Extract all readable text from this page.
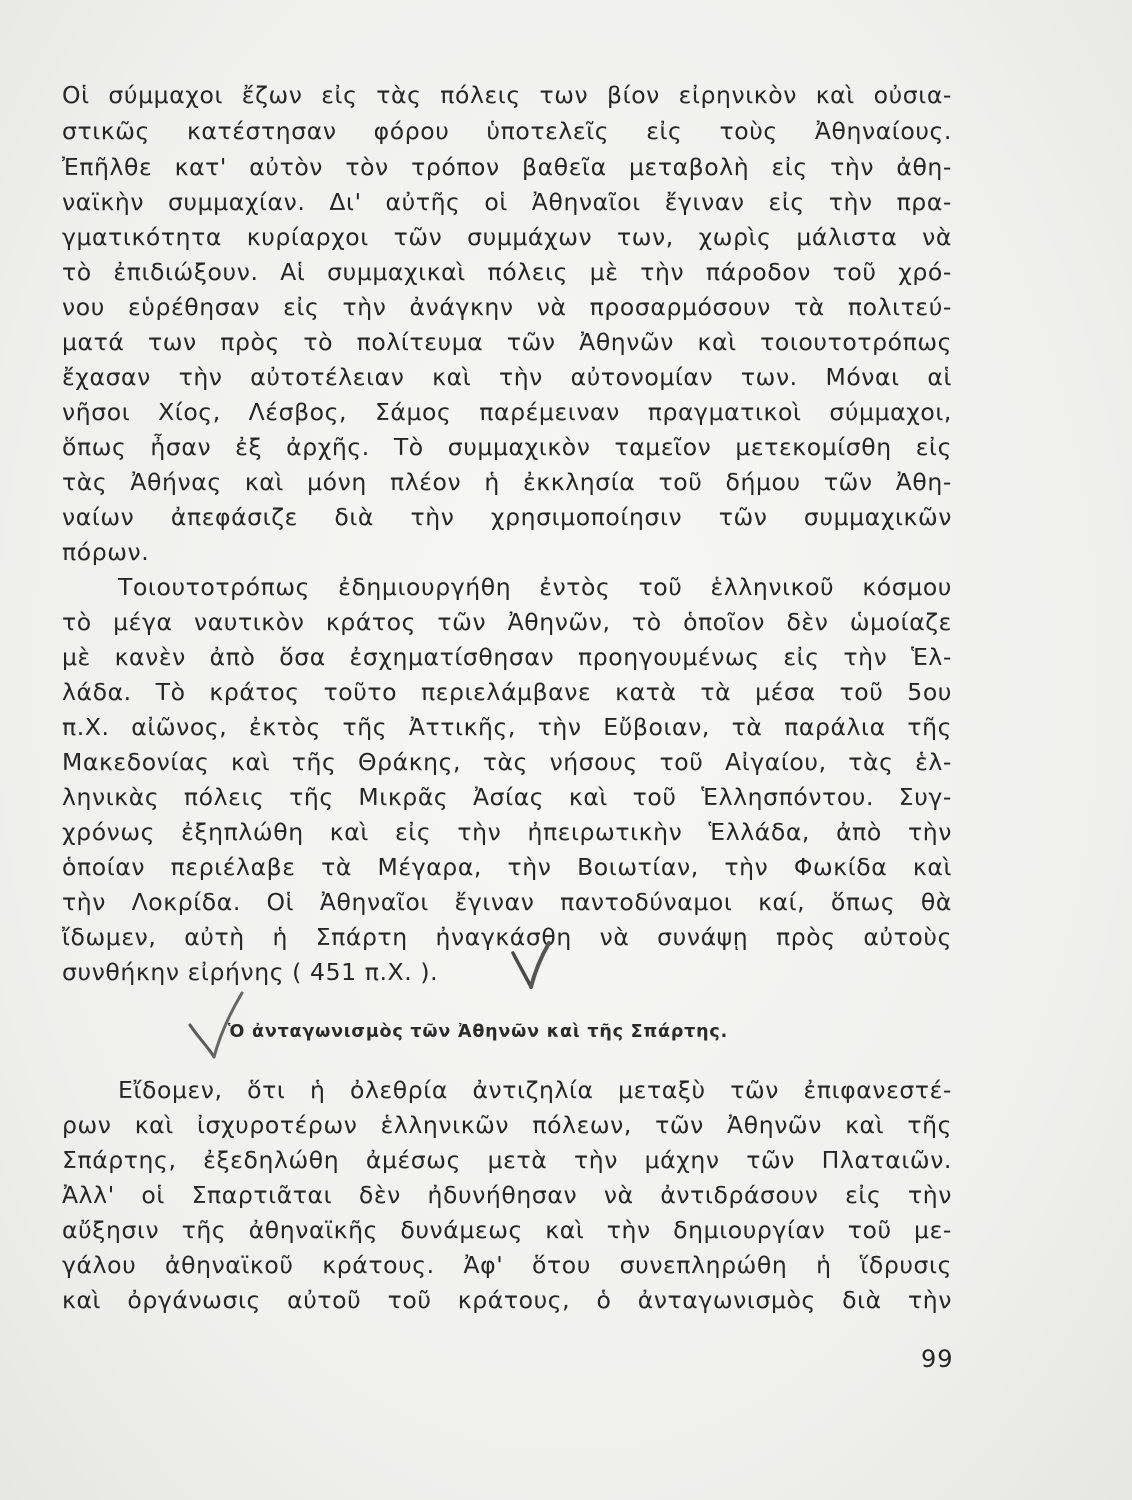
Οἱ σύμμαχοι ἔζων εἰς τὰς πόλεις των βίον εἰρηνικὸν καὶ οὐσια-
στικῶς κατέστησαν φόρου ὑποτελεῖς εἰς τοὺς Ἀθηναίους.
Ἐπῆλθε κατ' αὐτὸν τὸν τρόπον βαθεῖα μεταβολὴ εἰς τὴν ἀθη-
ναϊκὴν συμμαχίαν. Δι' αὐτῆς οἱ Ἀθηναῖοι ἔγιναν εἰς τὴν πρα-
γματικότητα κυρίαρχοι τῶν συμμάχων των, χωρὶς μάλιστα νὰ
τὸ ἐπιδιώξουν. Αἱ συμμαχικαὶ πόλεις μὲ τὴν πάροδον τοῦ χρό-
νου εὑρέθησαν εἰς τὴν ἀνάγκην νὰ προσαρμόσουν τὰ πολιτεύ-
ματά των πρὸς τὸ πολίτευμα τῶν Ἀθηνῶν καὶ τοιουτοτρόπως
ἔχασαν τὴν αὐτοτέλειαν καὶ τὴν αὐτονομίαν των. Μόναι αἱ
νῆσοι Χίος, Λέσβος, Σάμος παρέμειναν πραγματικοὶ σύμμαχοι,
ὅπως ἦσαν ἐξ ἀρχῆς. Τὸ συμμαχικὸν ταμεῖον μετεκομίσθη εἰς
τὰς Ἀθήνας καὶ μόνη πλέον ἡ ἐκκλησία τοῦ δήμου τῶν Ἀθη-
ναίων ἀπεφάσιζε διὰ τὴν χρησιμοποίησιν τῶν συμμαχικῶν
πόρων.
Τοιουτοτρόπως ἐδημιουργήθη ἐντὸς τοῦ ἑλληνικοῦ κόσμου
τὸ μέγα ναυτικὸν κράτος τῶν Ἀθηνῶν, τὸ ὁποῖον δὲν ὡμοίαζε
μὲ κανὲν ἀπὸ ὅσα ἐσχηματίσθησαν προηγουμένως εἰς τὴν Ἑλ-
λάδα. Τὸ κράτος τοῦτο περιελάμβανε κατὰ τὰ μέσα τοῦ 5ου
π.Χ. αἰῶνος, ἐκτὸς τῆς Ἀττικῆς, τὴν Εὔβοιαν, τὰ παράλια τῆς
Μακεδονίας καὶ τῆς Θράκης, τὰς νήσους τοῦ Αἰγαίου, τὰς ἑλ-
ληνικὰς πόλεις τῆς Μικρᾶς Ἀσίας καὶ τοῦ Ἑλλησπόντου. Συγ-
χρόνως ἐξηπλώθη καὶ εἰς τὴν ἠπειρωτικὴν Ἑλλάδα, ἀπὸ τὴν
ὁποίαν περιέλαβε τὰ Μέγαρα, τὴν Βοιωτίαν, τὴν Φωκίδα καὶ
τὴν Λοκρίδα. Οἱ Ἀθηναῖοι ἔγιναν παντοδύναμοι καί, ὅπως θὰ
ἴδωμεν, αὐτὴ ἡ Σπάρτη ἠναγκάσθη νὰ συνάψῃ πρὸς αὐτοὺς
συνθήκην εἰρήνης ( 451 π.Χ. ).
Ὁ ἀνταγωνισμὸς τῶν Ἀθηνῶν καὶ τῆς Σπάρτης.
Εἴδομεν, ὅτι ἡ ὀλεθρία ἀντιζηλία μεταξὺ τῶν ἐπιφανεστέ-
ρων καὶ ἰσχυροτέρων ἑλληνικῶν πόλεων, τῶν Ἀθηνῶν καὶ τῆς
Σπάρτης, ἐξεδηλώθη ἀμέσως μετὰ τὴν μάχην τῶν Πλαταιῶν.
Ἀλλ' οἱ Σπαρτιᾶται δὲν ἠδυνήθησαν νὰ ἀντιδράσουν εἰς τὴν
αὔξησιν τῆς ἀθηναϊκῆς δυνάμεως καὶ τὴν δημιουργίαν τοῦ με-
γάλου ἀθηναϊκοῦ κράτους. Ἀφ' ὅτου συνεπληρώθη ἡ ἵδρυσις
καὶ ὀργάνωσις αὐτοῦ τοῦ κράτους, ὁ ἀνταγωνισμὸς διὰ τὴν
99
